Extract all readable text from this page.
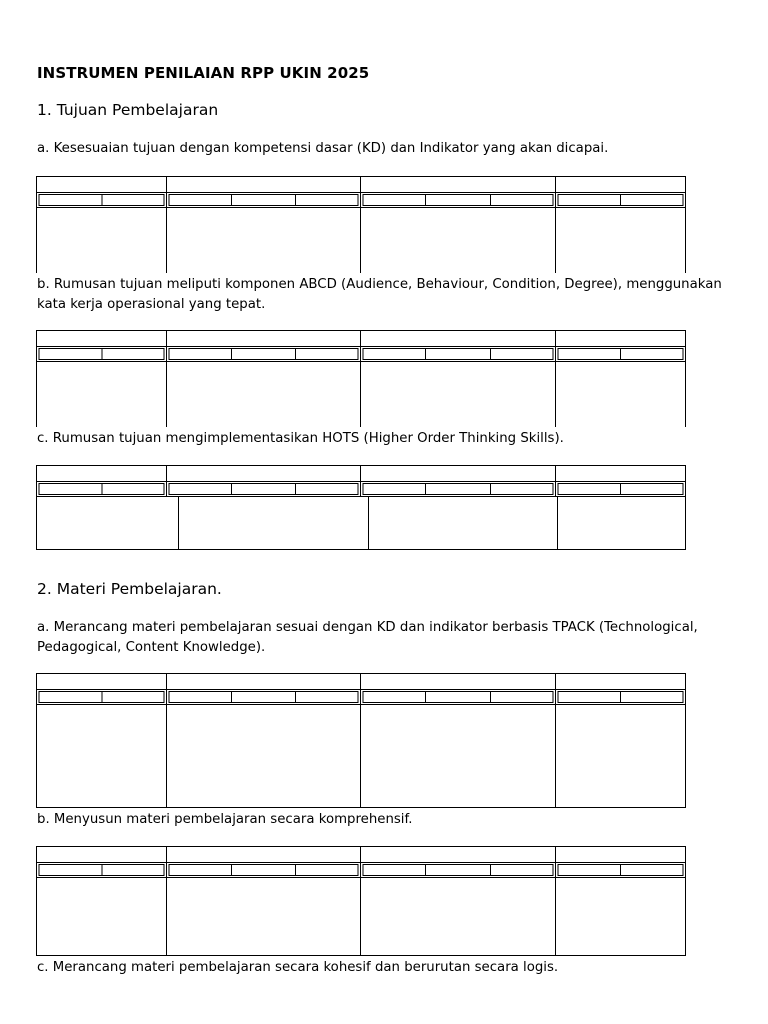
INSTRUMEN PENILAIAN RPP UKIN 2025
1. Tujuan Pembelajaran
a. Kesesuaian tujuan dengan kompetensi dasar (KD) dan Indikator yang akan dicapai.
b. Rumusan tujuan meliputi komponen ABCD (Audience, Behaviour, Condition, Degree), menggunakan kata kerja operasional yang tepat.
c. Rumusan tujuan mengimplementasikan HOTS (Higher Order Thinking Skills).
2. Materi Pembelajaran.
a. Merancang materi pembelajaran sesuai dengan KD dan indikator berbasis TPACK (Technological, Pedagogical, Content Knowledge).
b. Menyusun materi pembelajaran secara komprehensif.
c. Merancang materi pembelajaran secara kohesif dan berurutan secara logis.
